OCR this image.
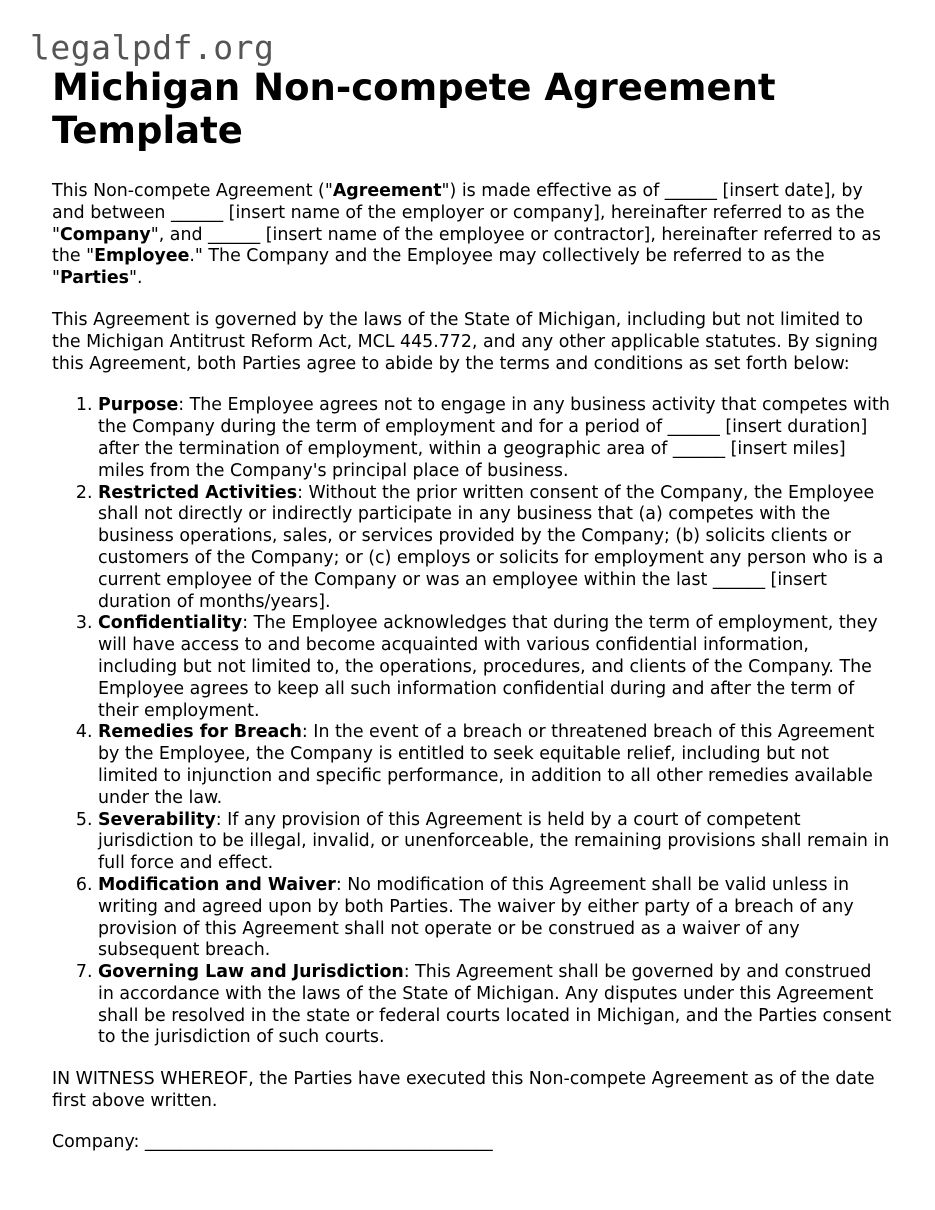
legalpdf.org
Michigan Non-compete Agreement Template

This Non-compete Agreement ("Agreement") is made effective as of ______ [insert date], by and between ______ [insert name of the employer or company], hereinafter referred to as the "Company", and ______ [insert name of the employee or contractor], hereinafter referred to as the "Employee." The Company and the Employee may collectively be referred to as the "Parties".

This Agreement is governed by the laws of the State of Michigan, including but not limited to the Michigan Antitrust Reform Act, MCL 445.772, and any other applicable statutes. By signing this Agreement, both Parties agree to abide by the terms and conditions as set forth below:

1. Purpose: The Employee agrees not to engage in any business activity that competes with the Company during the term of employment and for a period of ______ [insert duration] after the termination of employment, within a geographic area of ______ [insert miles] miles from the Company's principal place of business.
2. Restricted Activities: Without the prior written consent of the Company, the Employee shall not directly or indirectly participate in any business that (a) competes with the business operations, sales, or services provided by the Company; (b) solicits clients or customers of the Company; or (c) employs or solicits for employment any person who is a current employee of the Company or was an employee within the last ______ [insert duration of months/years].
3. Confidentiality: The Employee acknowledges that during the term of employment, they will have access to and become acquainted with various confidential information, including but not limited to, the operations, procedures, and clients of the Company. The Employee agrees to keep all such information confidential during and after the term of their employment.
4. Remedies for Breach: In the event of a breach or threatened breach of this Agreement by the Employee, the Company is entitled to seek equitable relief, including but not limited to injunction and specific performance, in addition to all other remedies available under the law.
5. Severability: If any provision of this Agreement is held by a court of competent jurisdiction to be illegal, invalid, or unenforceable, the remaining provisions shall remain in full force and effect.
6. Modification and Waiver: No modification of this Agreement shall be valid unless in writing and agreed upon by both Parties. The waiver by either party of a breach of any provision of this Agreement shall not operate or be construed as a waiver of any subsequent breach.
7. Governing Law and Jurisdiction: This Agreement shall be governed by and construed in accordance with the laws of the State of Michigan. Any disputes under this Agreement shall be resolved in the state or federal courts located in Michigan, and the Parties consent to the jurisdiction of such courts.

IN WITNESS WHEREOF, the Parties have executed this Non-compete Agreement as of the date first above written.

Company: ________________________________________
